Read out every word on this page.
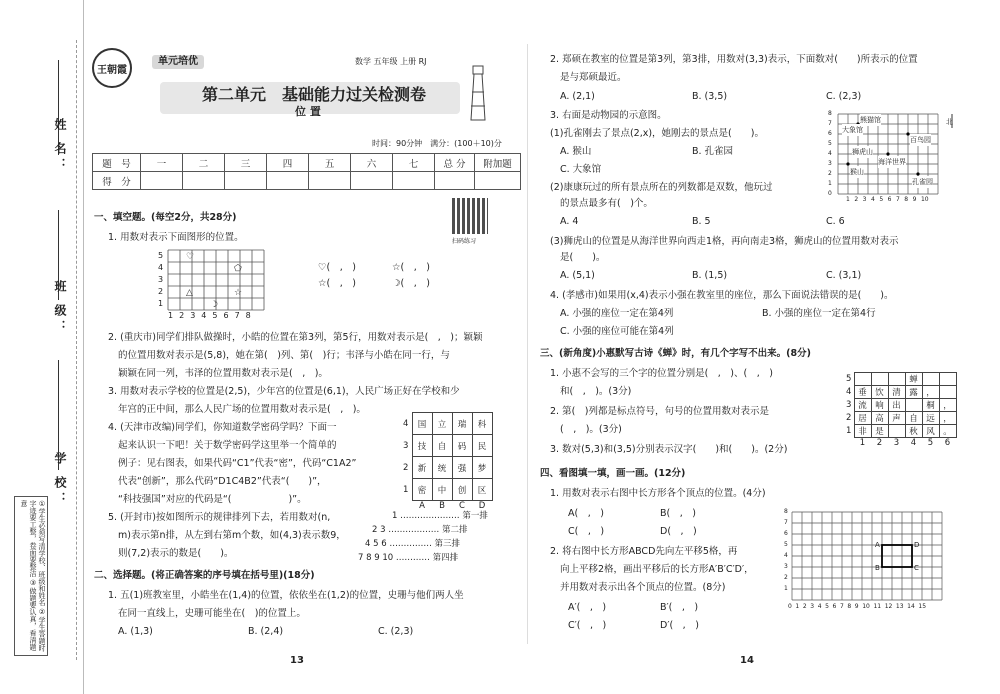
姓 名：
班 级：
学 校：
①学生必须写清学校、班级和姓名 ②学生答题时字迹要工整，卷面要整洁 ③做题要认真，看清题意
王朝霞
单元培优	数学 五年级 上册 RJ
第二单元　基础能力过关检测卷
位 置
时间：90分钟　满分：(100＋10)分
题　号	一	二	三	四	五	六	七	总 分	附加题
得　分									
扫码练习
一、填空题。(每空2分，共28分)
1. 用数对表示下面图形的位置。
♡
⬠
△	☆
☽
5
4
3
2
1
1 2 3 4 5 6 7 8
♡(　,　)	☆(　,　)
☆(　,　)	☽(　,　)
2. (重庆市)同学们排队做操时，小皓的位置在第3列，第5行，用数对表示是(　,　)；颖颖
的位置用数对表示是(5,8)，她在第(　)列、第(　)行；韦泽与小皓在同一行，与
颖颖在同一列，韦泽的位置用数对表示是(　,　)。
3. 用数对表示学校的位置是(2,5)，少年宫的位置是(6,1)，人民广场正好在学校和少
年宫的正中间，那么人民广场的位置用数对表示是(　,　)。
4. (天津市改编)同学们，你知道数学密码学吗？下面一
起来认识一下吧！关于数学密码学这里举一个简单的
例子：见右图表，如果代码“C1”代表“密”，代码“C1A2”
代表“创新”，那么代码“D1C4B2”代表“(　　)”，
“科技强国”对应的代码是“(　　　　　　)”。
4	国	立	瑞	科
3	技	自	码	民
2	新	统	强	梦
1	密	中	创	区
	A	B	C	D
5. (开封市)按如图所示的规律排列下去，若用数对(n,
m)表示第n排，从左到右第m个数，如(4,3)表示数9，
则(7,2)表示的数是(　　)。
1 ………………… 第一排
2 3 ……………… 第二排
4 5 6 …………… 第三排
7 8 9 10 ………… 第四排
二、选择题。(将正确答案的序号填在括号里)(18分)
1. 五(1)班教室里，小皓坐在(1,4)的位置，依依坐在(1,2)的位置，史珊与他们两人坐
在同一直线上，史珊可能坐在(　)的位置上。
A. (1,3)	B. (2,4)	C. (2,3)
13
2. 郑硕在教室的位置是第3列，第3排，用数对(3,3)表示，下面数对(　　)所表示的位置
是与郑硕最近。
A. (2,1)	B. (3,5)	C. (2,3)
3. 右面是动物园的示意图。
(1)孔雀刚去了景点(2,x)，她刚去的景点是(　　)。
A. 猴山	B. 孔雀园
C. 大象馆
(2)康康玩过的所有景点所在的列数都是双数，他玩过
的景点最多有(　)个。
A. 4	B. 5	C. 6
(3)狮虎山的位置是从海洋世界向西走1格，再向南走3格，狮虎山的位置用数对表示
是(　　)。
A. (5,1)	B. (1,5)	C. (3,1)
北
熊猫馆
大象馆
百鸟园
狮虎山
海洋世界
猴山
孔雀园
8
7
6
5
4
3
2
1
0
1 2 3 4 5 6 7 8 9 10
4. (孝感市)如果用(x,4)表示小强在教室里的座位，那么下面说法错误的是(　　)。
A. 小强的座位一定在第4列	B. 小强的座位一定在第4行
C. 小强的座位可能在第4列
三、(新角度)小惠默写古诗《蝉》时，有几个字写不出来。(8分)
1. 小惠不会写的三个字的位置分别是(　,　)、(　,　)
和(　,　)。(3分)
2. 第(　)列都是标点符号，句号的位置用数对表示是
(　,　)。(3分)
3. 数对(5,3)和(3,5)分别表示汉字(　　)和(　　)。(2分)
5				蝉		
4	垂	饮	清	露	，	
3	流	响	出		桐	，
2	居	高	声	自	远	，
1	非	是		秋	风	。
	1	2	3	4	5	6
四、看图填一填，画一画。(12分)
1. 用数对表示右图中长方形各个顶点的位置。(4分)
A(　,　)	B(　,　)
C(　,　)	D(　,　)
2. 将右图中长方形ABCD先向左平移5格，再
向上平移2格，画出平移后的长方形A′B′C′D′，
并用数对表示出各个顶点的位置。(8分)
A′(　,　)	B′(　,　)
C′(　,　)	D′(　,　)
A
B	C
D
8
7
6
5
4
3
2
1
0 1 2 3 4 5 6 7 8 9 10 11 12 13 14 15
14
